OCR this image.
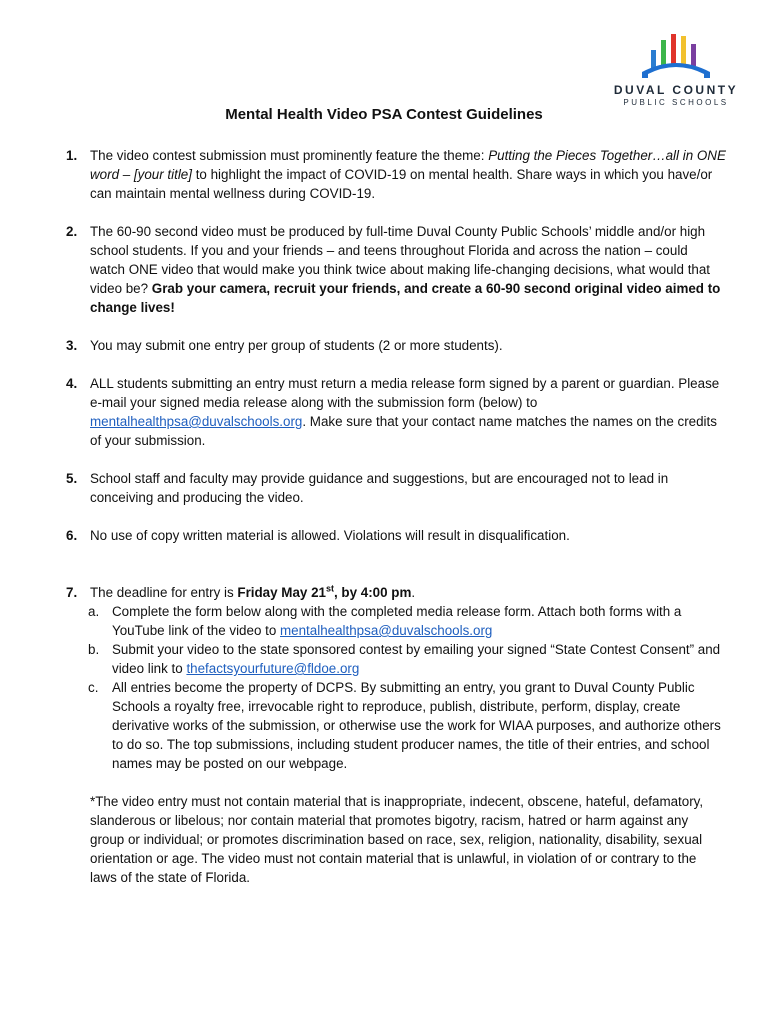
DUVAL COUNTY
PUBLIC SCHOOLS
Mental Health Video PSA Contest Guidelines
1. The video contest submission must prominently feature the theme: Putting the Pieces Together…all in ONE word – [your title] to highlight the impact of COVID-19 on mental health. Share ways in which you have/or can maintain mental wellness during COVID-19.
2. The 60-90 second video must be produced by full-time Duval County Public Schools’ middle and/or high school students. If you and your friends – and teens throughout Florida and across the nation – could watch ONE video that would make you think twice about making life-changing decisions, what would that video be? Grab your camera, recruit your friends, and create a 60-90 second original video aimed to change lives!
3. You may submit one entry per group of students (2 or more students).
4. ALL students submitting an entry must return a media release form signed by a parent or guardian. Please e-mail your signed media release along with the submission form (below) to mentalhealthpsa@duvalschools.org. Make sure that your contact name matches the names on the credits of your submission.
5. School staff and faculty may provide guidance and suggestions, but are encouraged not to lead in conceiving and producing the video.
6. No use of copy written material is allowed. Violations will result in disqualification.
7. The deadline for entry is Friday May 21st, by 4:00 pm.
a. Complete the form below along with the completed media release form. Attach both forms with a YouTube link of the video to mentalhealthpsa@duvalschools.org
b. Submit your video to the state sponsored contest by emailing your signed “State Contest Consent” and video link to thefactsyourfuture@fldoe.org
c.	All entries become the property of DCPS. By submitting an entry, you grant to Duval County Public Schools a royalty free, irrevocable right to reproduce, publish, distribute, perform, display, create derivative works of the submission, or otherwise use the work for WIAA purposes, and authorize others to do so. The top submissions, including student producer names, the title of their entries, and school names may be posted on our webpage.
*The video entry must not contain material that is inappropriate, indecent, obscene, hateful, defamatory, slanderous or libelous; nor contain material that promotes bigotry, racism, hatred or harm against any group or individual; or promotes discrimination based on race, sex, religion, nationality, disability, sexual orientation or age. The video must not contain material that is unlawful, in violation of or contrary to the laws of the state of Florida.
